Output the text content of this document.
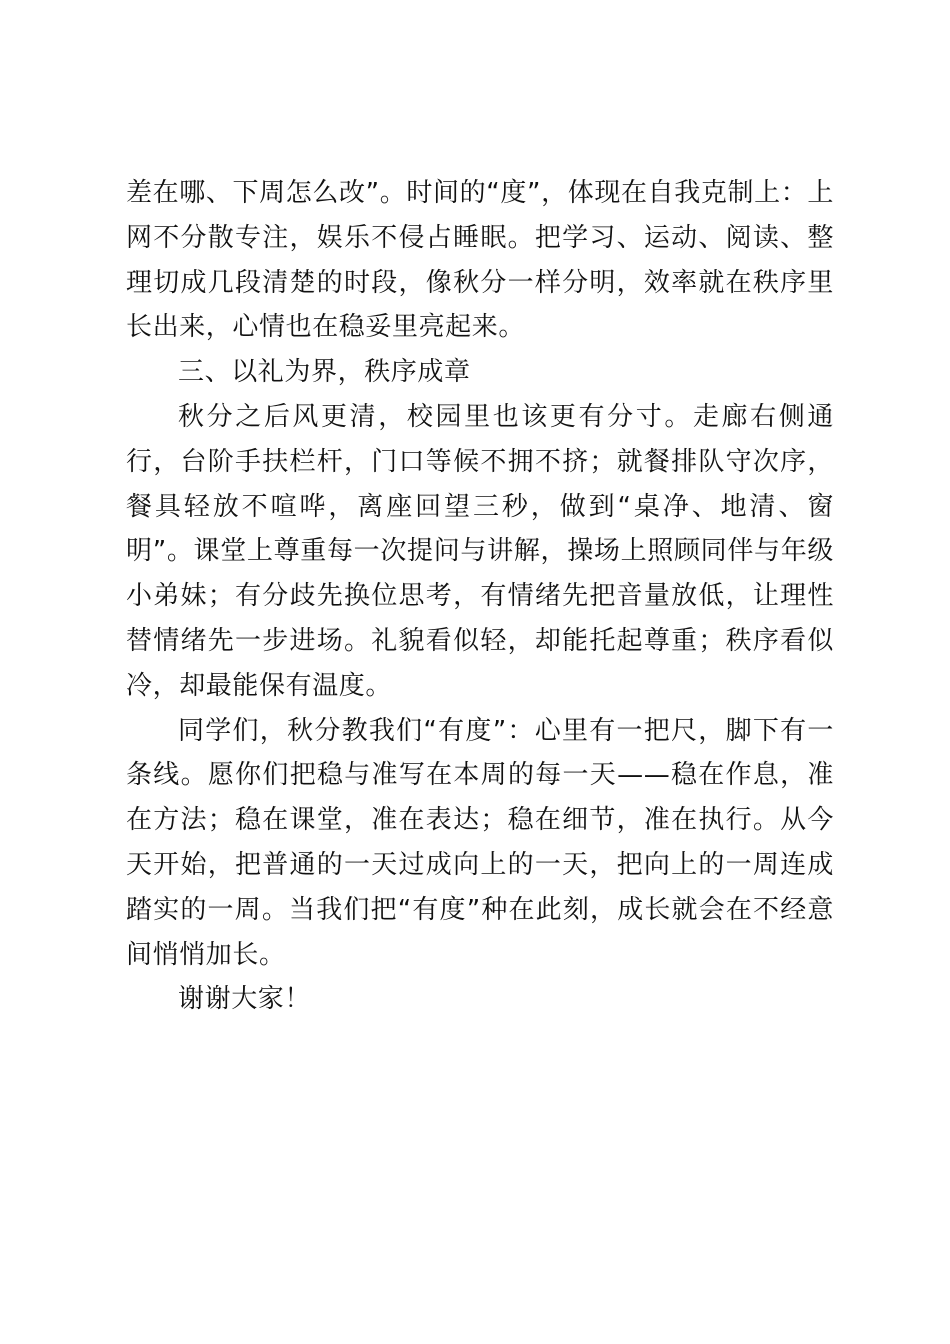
差在哪、下周怎么改”。时间的“度”，体现在自我克制上：上网不分散专注，娱乐不侵占睡眠。把学习、运动、阅读、整理切成几段清楚的时段，像秋分一样分明，效率就在秩序里长出来，心情也在稳妥里亮起来。

三、以礼为界，秩序成章

秋分之后风更清，校园里也该更有分寸。走廊右侧通行，台阶手扶栏杆，门口等候不拥不挤；就餐排队守次序，餐具轻放不喧哗，离座回望三秒，做到“桌净、地清、窗明”。课堂上尊重每一次提问与讲解，操场上照顾同伴与年级小弟妹；有分歧先换位思考，有情绪先把音量放低，让理性替情绪先一步进场。礼貌看似轻，却能托起尊重；秩序看似冷，却最能保有温度。

同学们，秋分教我们“有度”：心里有一把尺，脚下有一条线。愿你们把稳与准写在本周的每一天——稳在作息，准在方法；稳在课堂，准在表达；稳在细节，准在执行。从今天开始，把普通的一天过成向上的一天，把向上的一周连成踏实的一周。当我们把“有度”种在此刻，成长就会在不经意间悄悄加长。

谢谢大家！
